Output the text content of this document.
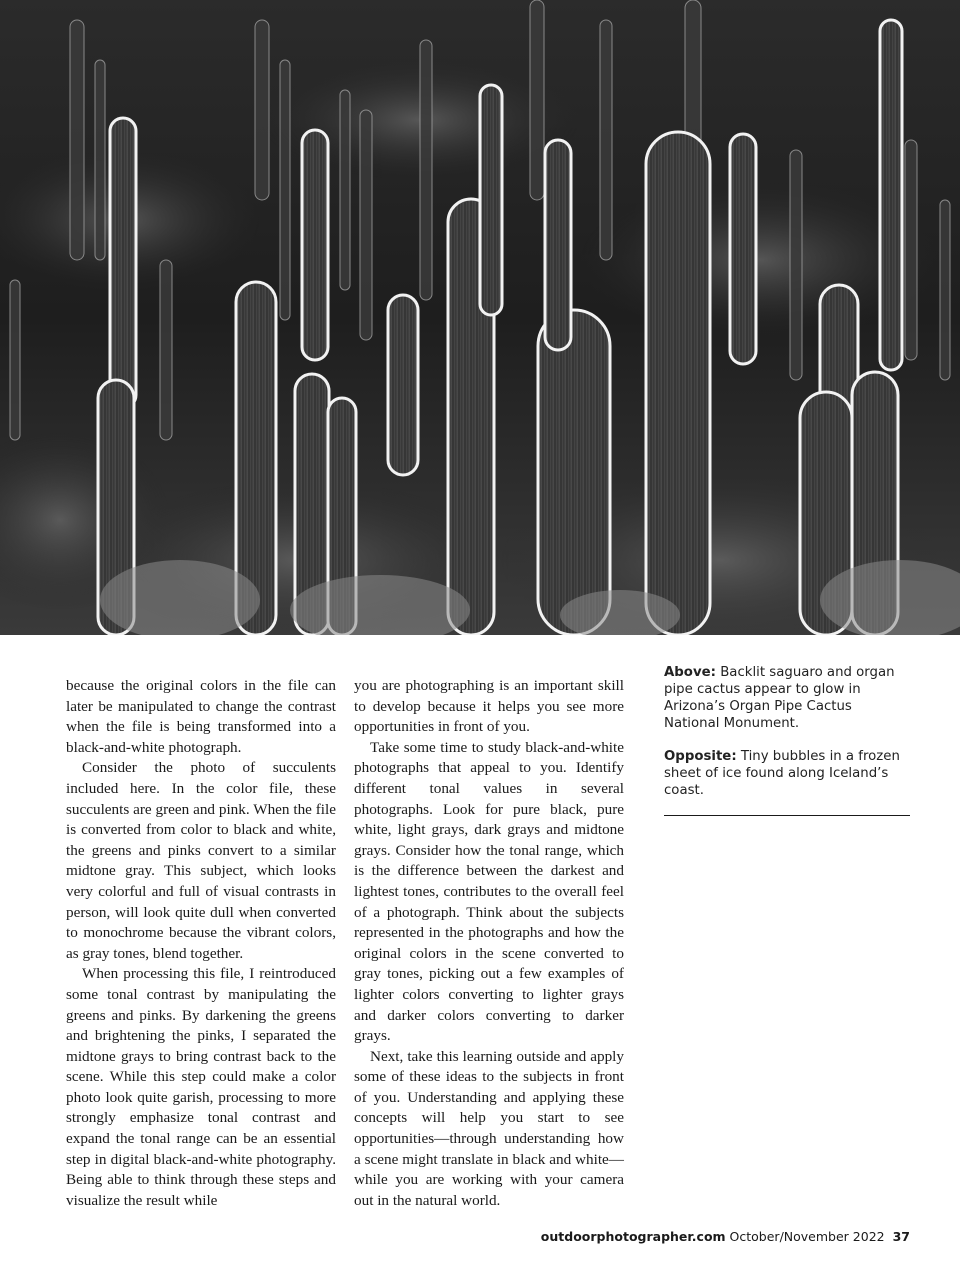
because the original colors in the file can later be manipulated to change the contrast when the file is being transformed into a black-and-white photograph.

Consider the photo of succulents included here. In the color file, these succulents are green and pink. When the file is converted from color to black and white, the greens and pinks convert to a similar midtone gray. This subject, which looks very colorful and full of visual contrasts in person, will look quite dull when converted to monochrome because the vibrant colors, as gray tones, blend together.

When processing this file, I reintroduced some tonal contrast by manipulating the greens and pinks. By darkening the greens and brightening the pinks, I separated the midtone grays to bring contrast back to the scene. While this step could make a color photo look quite garish, processing to more strongly emphasize tonal contrast and expand the tonal range can be an essential step in digital black-and-white photography. Being able to think through these steps and visualize the result while

you are photographing is an important skill to develop because it helps you see more opportunities in front of you.

Take some time to study black-and-white photographs that appeal to you. Identify different tonal values in several photographs. Look for pure black, pure white, light grays, dark grays and midtone grays. Consider how the tonal range, which is the difference between the darkest and lightest tones, contributes to the overall feel of a photograph. Think about the subjects represented in the photographs and how the original colors in the scene converted to gray tones, picking out a few examples of lighter colors converting to lighter grays and darker colors converting to darker grays.

Next, take this learning outside and apply some of these ideas to the subjects in front of you. Understanding and applying these concepts will help you start to see opportunities—through understanding how a scene might translate in black and white—while you are working with your camera out in the natural world.

Above: Backlit saguaro and organ pipe cactus appear to glow in Arizona’s Organ Pipe Cactus National Monument.

Opposite: Tiny bubbles in a frozen sheet of ice found along Iceland’s coast.

outdoorphotographer.com October/November 2022 37
